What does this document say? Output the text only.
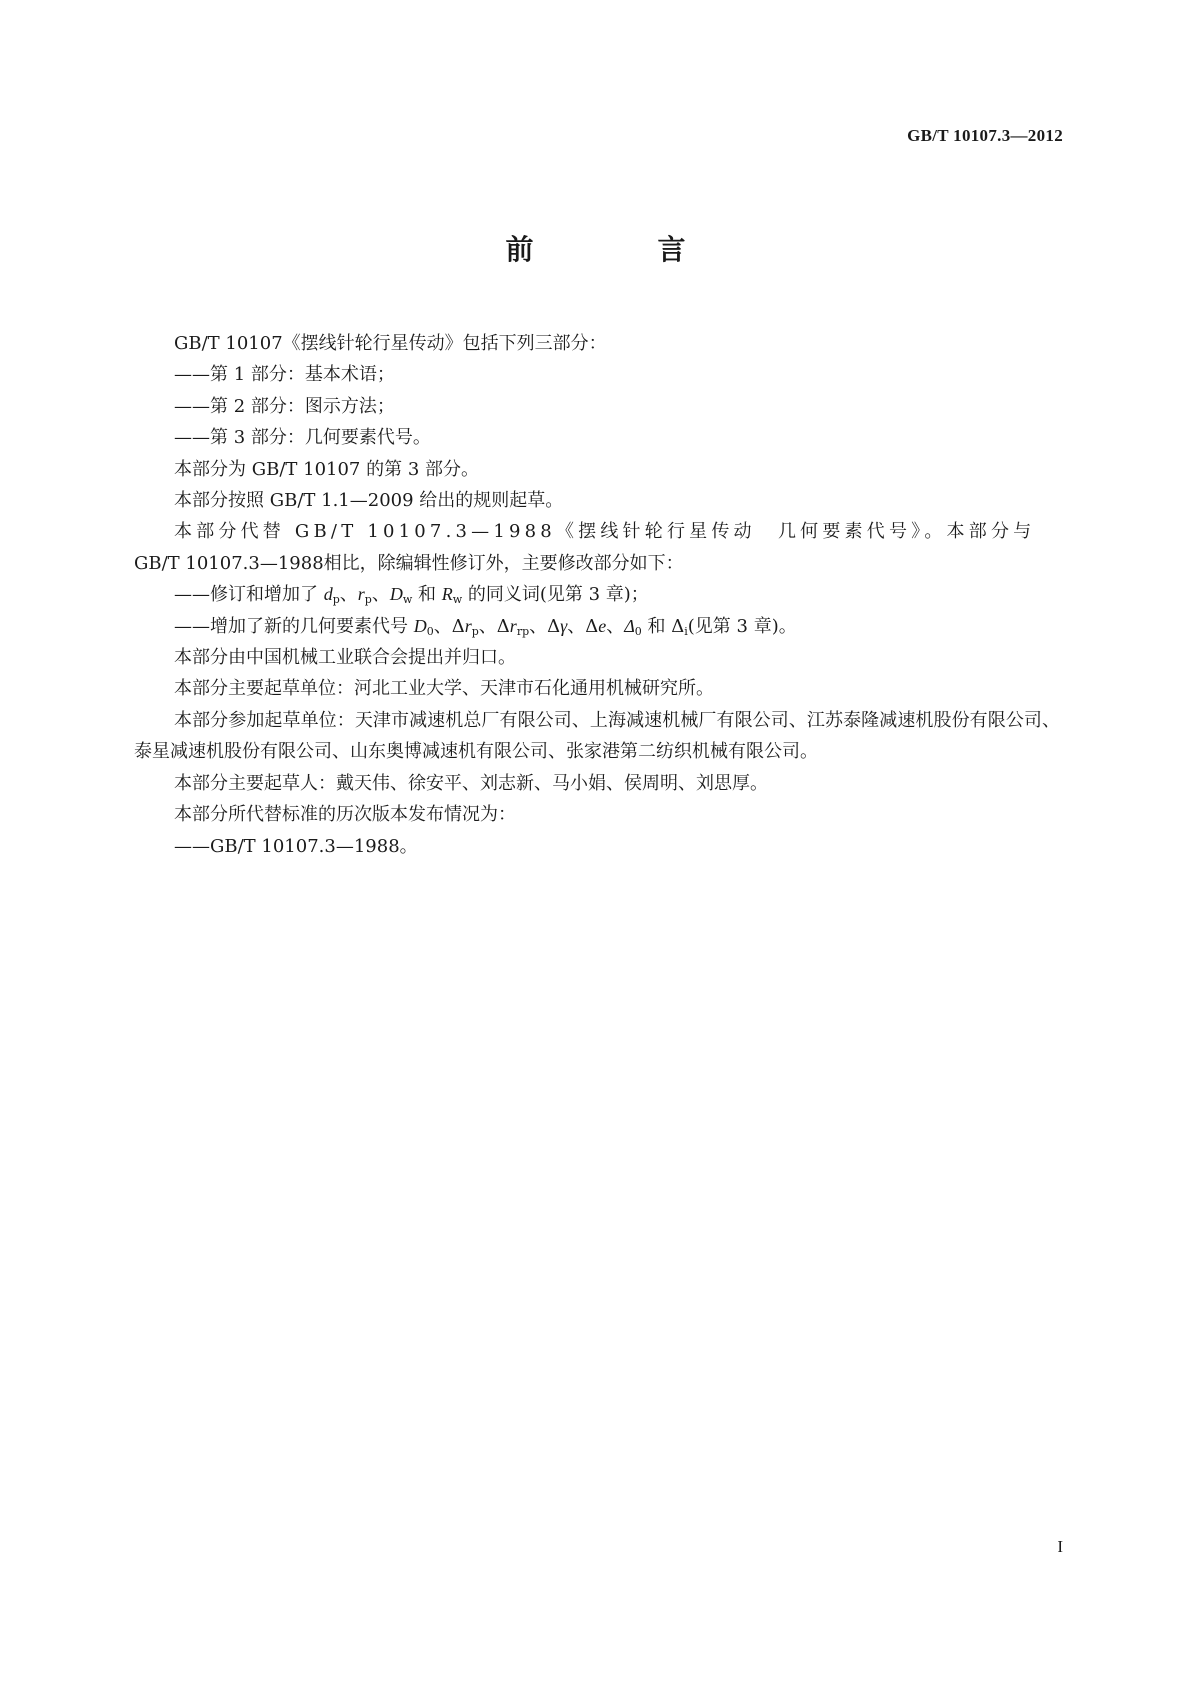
GB/T 10107.3—2012
前　言

GB/T 10107《摆线针轮行星传动》包括下列三部分：

——第 1 部分：基本术语；

——第 2 部分：图示方法；

——第 3 部分：几何要素代号。

本部分为 GB/T 10107 的第 3 部分。

本部分按照 GB/T 1.1—2009 给出的规则起草。

本部分代替 GB/T 10107.3—1988《摆线针轮行星传动　几何要素代号》。本部分与

GB/T 10107.3—1988相比，除编辑性修订外，主要修改部分如下：

——修订和增加了 $d_p$、$r_p$、$D_w$ 和 $R_w$ 的同义词(见第 3 章)；

——增加了新的几何要素代号 $D_0$、$\Delta r_p$、$\Delta r_{rp}$、Δγ、Δe、$\Delta_0$ 和 $\Delta_i$(见第 3 章)。

本部分由中国机械工业联合会提出并归口。

本部分主要起草单位：河北工业大学、天津市石化通用机械研究所。

本部分参加起草单位：天津市减速机总厂有限公司、上海减速机械厂有限公司、江苏泰隆减速机股份有限公司、泰星减速机股份有限公司、山东奥博减速机有限公司、张家港第二纺织机械有限公司。

本部分主要起草人：戴天伟、徐安平、刘志新、马小娟、侯周明、刘思厚。

本部分所代替标准的历次版本发布情况为：

——GB/T 10107.3—1988。

I
